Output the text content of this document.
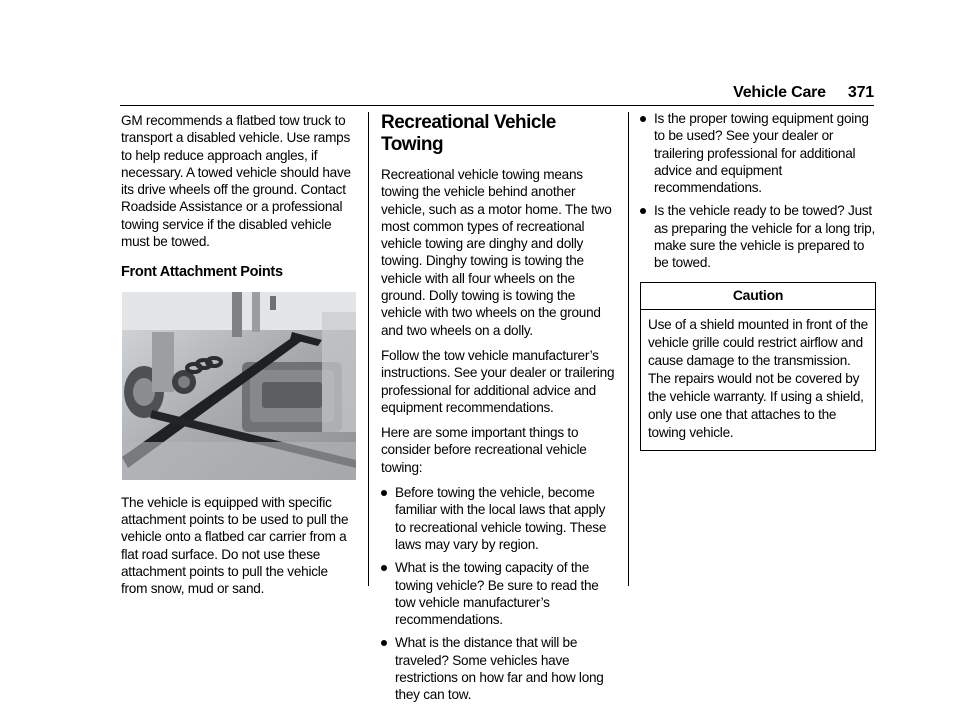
Vehicle Care 371

GM recommends a flatbed tow truck to transport a disabled vehicle. Use ramps to help reduce approach angles, if necessary. A towed vehicle should have its drive wheels off the ground. Contact Roadside Assistance or a professional towing service if the disabled vehicle must be towed.

Front Attachment Points

The vehicle is equipped with specific attachment points to be used to pull the vehicle onto a flatbed car carrier from a flat road surface. Do not use these attachment points to pull the vehicle from snow, mud or sand.

Recreational Vehicle Towing

Recreational vehicle towing means towing the vehicle behind another vehicle, such as a motor home. The two most common types of recreational vehicle towing are dinghy and dolly towing. Dinghy towing is towing the vehicle with all four wheels on the ground. Dolly towing is towing the vehicle with two wheels on the ground and two wheels on a dolly.

Follow the tow vehicle manufacturer’s instructions. See your dealer or trailering professional for additional advice and equipment recommendations.

Here are some important things to consider before recreational vehicle towing:

Before towing the vehicle, become familiar with the local laws that apply to recreational vehicle towing. These laws may vary by region.
What is the towing capacity of the towing vehicle? Be sure to read the tow vehicle manufacturer’s recommendations.
What is the distance that will be traveled? Some vehicles have restrictions on how far and how long they can tow.
Is the proper towing equipment going to be used? See your dealer or trailering professional for additional advice and equipment recommendations.
Is the vehicle ready to be towed? Just as preparing the vehicle for a long trip, make sure the vehicle is prepared to be towed.
Caution
Use of a shield mounted in front of the vehicle grille could restrict airflow and cause damage to the transmission. The repairs would not be covered by the vehicle warranty. If using a shield, only use one that attaches to the towing vehicle.
